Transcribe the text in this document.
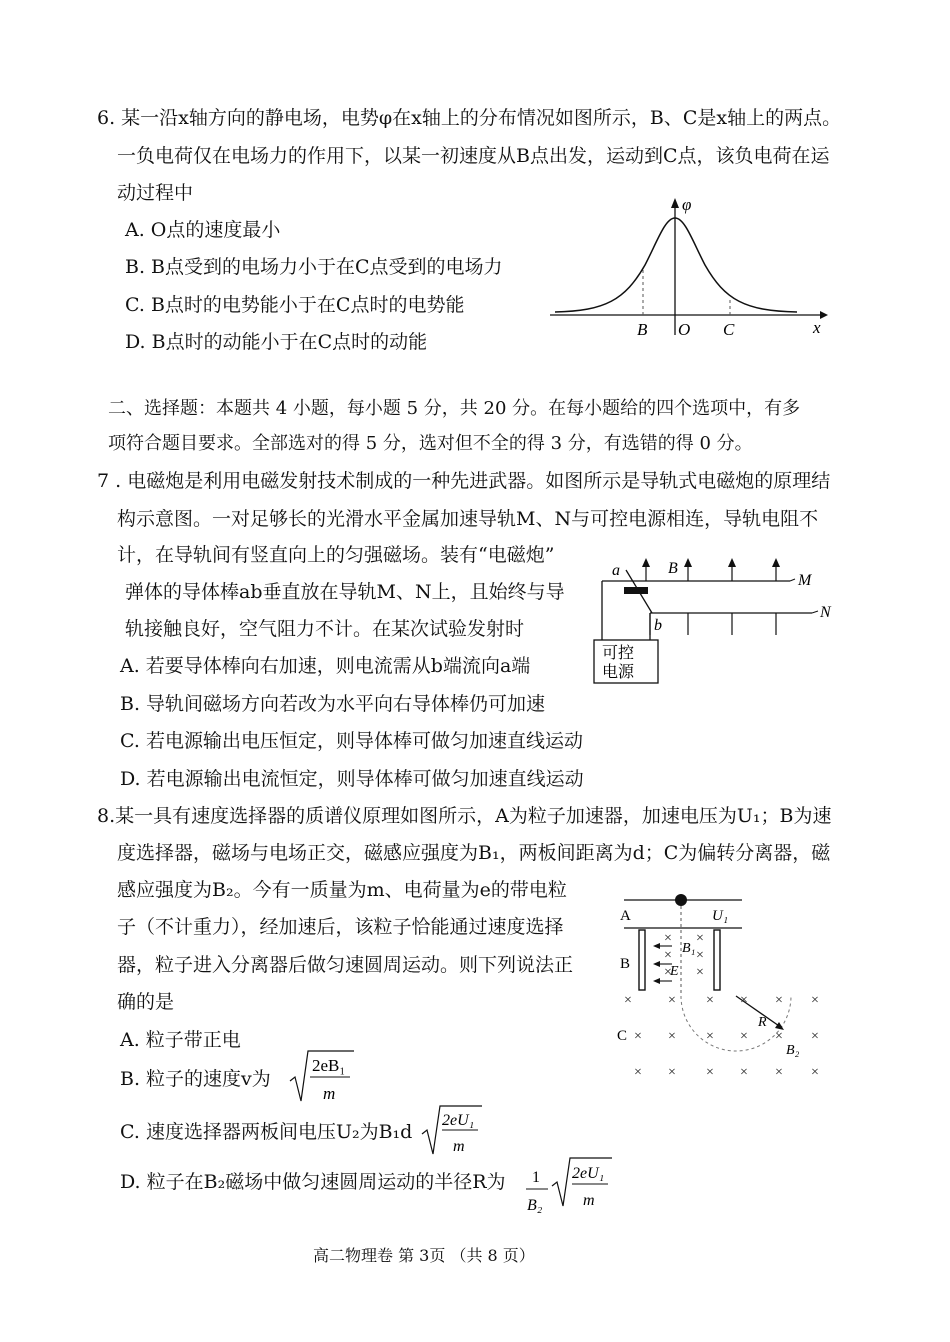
6. 某一沿x轴方向的静电场，电势φ在x轴上的分布情况如图所示，B、C是x轴上的两点。
一负电荷仅在电场力的作用下，以某一初速度从B点出发，运动到C点，该负电荷在运
动过程中
A. O点的速度最小
B. B点受到的电场力小于在C点受到的电场力
C. B点时的电势能小于在C点时的电势能
D. B点时的动能小于在C点时的动能
φ
x
B O C
二、选择题：本题共 4 小题，每小题 5 分，共 20 分。在每小题给的四个选项中，有多
项符合题目要求。全部选对的得 5 分，选对但不全的得 3 分，有选错的得 0 分。
7 . 电磁炮是利用电磁发射技术制成的一种先进武器。如图所示是导轨式电磁炮的原理结
构示意图。一对足够长的光滑水平金属加速导轨M、N与可控电源相连，导轨电阻不
计，在导轨间有竖直向上的匀强磁场。装有“电磁炮”
弹体的导体棒ab垂直放在导轨M、N上，且始终与导
轨接触良好，空气阻力不计。在某次试验发射时
A. 若要导体棒向右加速，则电流需从b端流向a端
B. 导轨间磁场方向若改为水平向右导体棒仍可加速
C. 若电源输出电压恒定，则导体棒可做匀加速直线运动
D. 若电源输出电流恒定，则导体棒可做匀加速直线运动
a
b
B
M
N
可控
电源
8.某一具有速度选择器的质谱仪原理如图所示，A为粒子加速器，加速电压为U₁；B为速
度选择器，磁场与电场正交，磁感应强度为B₁，两板间距离为d；C为偏转分离器，磁
感应强度为B₂。今有一质量为m、电荷量为e的带电粒
子（不计重力），经加速后，该粒子恰能通过速度选择
器，粒子进入分离器后做匀速圆周运动。则下列说法正
确的是
A. 粒子带正电
B. 粒子的速度v为
2eB₁
m
C. 速度选择器两板间电压U₂为B₁d
2eU₁
m
D. 粒子在B₂磁场中做匀速圆周运动的半径R为 1
B₂
2eU₁
m
× ×
× ×
× ×
×	× × × × ×
× × × × × ×
× × × × × ×
A
B
C
U₁
B₁
E
R
B₂
高二物理卷 第 3页 （共 8 页）
